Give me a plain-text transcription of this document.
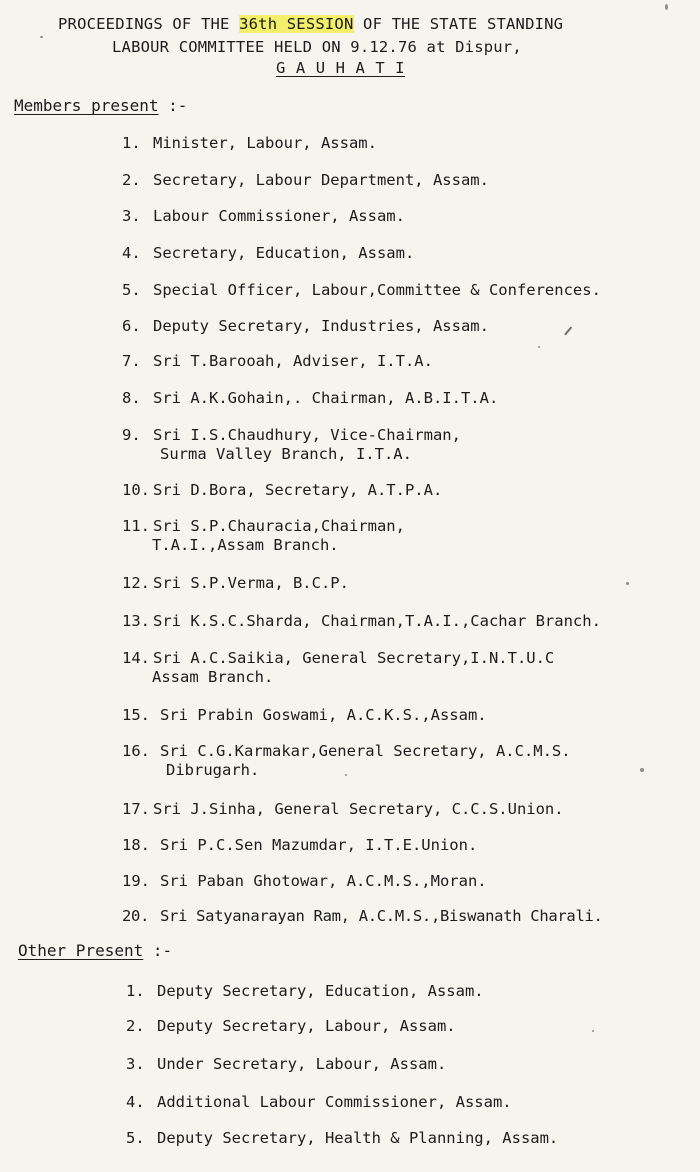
PROCEEDINGS OF THE 36th SESSION OF THE STATE STANDING
LABOUR COMMITTEE HELD ON 9.12.76 at Dispur,
G A U H A T I
Members present :-
1. Minister, Labour, Assam.
2. Secretary, Labour Department, Assam.
3. Labour Commissioner, Assam.
4. Secretary, Education, Assam.
5. Special Officer, Labour,Committee & Conferences.
6. Deputy Secretary, Industries, Assam.
7. Sri T.Barooah, Adviser, I.T.A.
8. Sri A.K.Gohain,. Chairman, A.B.I.T.A.
9. Sri I.S.Chaudhury, Vice-Chairman,
Surma Valley Branch, I.T.A.
10. Sri D.Bora, Secretary, A.T.P.A.
11. Sri S.P.Chauracia,Chairman,
T.A.I.,Assam Branch.
12. Sri S.P.Verma, B.C.P.
13. Sri K.S.C.Sharda, Chairman,T.A.I.,Cachar Branch.
14. Sri A.C.Saikia, General Secretary,I.N.T.U.C
Assam Branch.
15. Sri Prabin Goswami, A.C.K.S.,Assam.
16. Sri C.G.Karmakar,General Secretary, A.C.M.S.
Dibrugarh.
17. Sri J.Sinha, General Secretary, C.C.S.Union.
18. Sri P.C.Sen Mazumdar, I.T.E.Union.
19. Sri Paban Ghotowar, A.C.M.S.,Moran.
20. Sri Satyanarayan Ram, A.C.M.S.,Biswanath Charali.
Other Present :-
1. Deputy Secretary, Education, Assam.
2. Deputy Secretary, Labour, Assam.
3. Under Secretary, Labour, Assam.
4. Additional Labour Commissioner, Assam.
5. Deputy Secretary, Health & Planning, Assam.
